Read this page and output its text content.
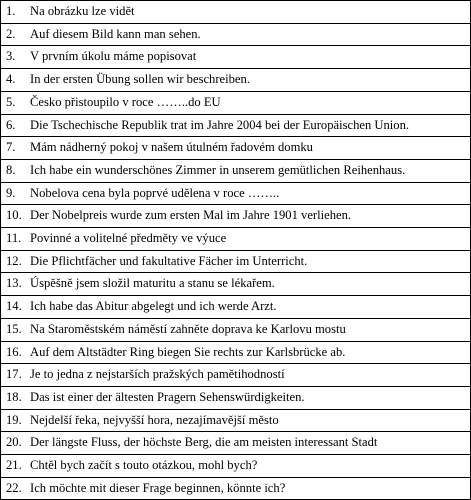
1. Na obrázku lze vidět
2. Auf diesem Bild kann man sehen.
3. V prvním úkolu máme popisovat
4. In der ersten Übung sollen wir beschreiben.
5. Česko přistoupilo v roce ……..do EU
6. Die Tschechische Republik trat im Jahre 2004 bei der Europäischen Union.
7. Mám nádherný pokoj v našem útulném řadovém domku
8. Ich habe ein wunderschönes Zimmer in unserem gemütlichen Reihenhaus.
9. Nobelova cena byla poprvé udělena v roce ……..
10. Der Nobelpreis wurde zum ersten Mal im Jahre 1901 verliehen.
11. Povinné a volitelné předměty ve výuce
12. Die Pflichtfächer und fakultative Fächer im Unterricht.
13. Úspěšně jsem složil maturitu a stanu se lékařem.
14. Ich habe das Abitur abgelegt und ich werde Arzt.
15. Na Staroměstském náměstí zahněte doprava ke Karlovu mostu
16. Auf dem Altstädter Ring biegen Sie rechts zur Karlsbrücke ab.
17. Je to jedna z nejstarších pražských pamětihodností
18. Das ist einer der ältesten Pragern Sehenswürdigkeiten.
19. Nejdelší řeka, nejvyšší hora, nezajímavější město
20. Der längste Fluss, der höchste Berg, die am meisten interessant Stadt
21. Chtěl bych začít s touto otázkou, mohl bych?
22. Ich möchte mit dieser Frage beginnen, könnte ich?
